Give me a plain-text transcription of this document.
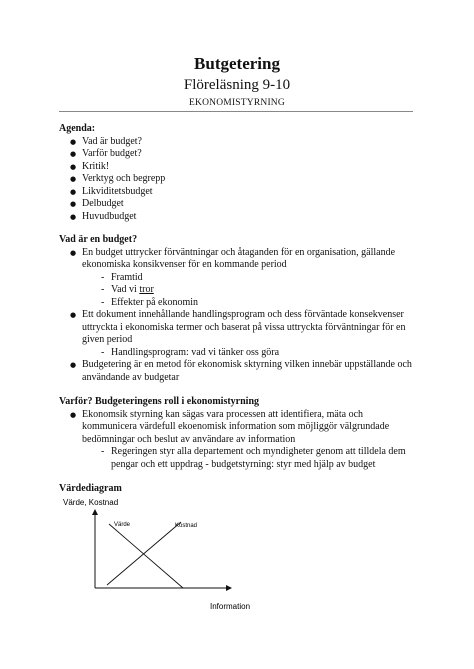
Butgetering
Flöreläsning 9-10
EKONOMISTYRNING

Agenda:

● Vad är budget?
● Varför budget?
● Kritik!
● Verktyg och begrepp
● Likviditetsbudget
● Delbudget
● Huvudbudget

Vad är en budget?

● En budget uttrycker förväntningar och åtaganden för en organisation, gällande ekonomiska konsikvenser för en kommande period
- Framtid
- Vad vi tror
- Effekter på ekonomin
● Ett dokument innehållande handlingsprogram och dess förväntade konsekvenser uttryckta i ekonomiska termer och baserat på vissa uttryckta förväntningar för en given period
- Handlingsprogram: vad vi tänker oss göra
● Budgetering är en metod för ekonomisk sktyrning vilken innebär uppställande och användande av budgetar

Varför? Budgeteringens roll i ekonomistyrning

● Ekonomsik styrning kan sägas vara processen att identifiera, mäta och kommunicera värdefull ekoenomisk information som möjliggör välgrundade bedömningar och beslut av användare av information
- Regeringen styr alla departement och myndigheter genom att tilldela dem pengar och ett uppdrag - budgetstyrning: styr med hjälp av budget

Värdediagram

Värde, Kostnad
Värde	Kostnad
Information
